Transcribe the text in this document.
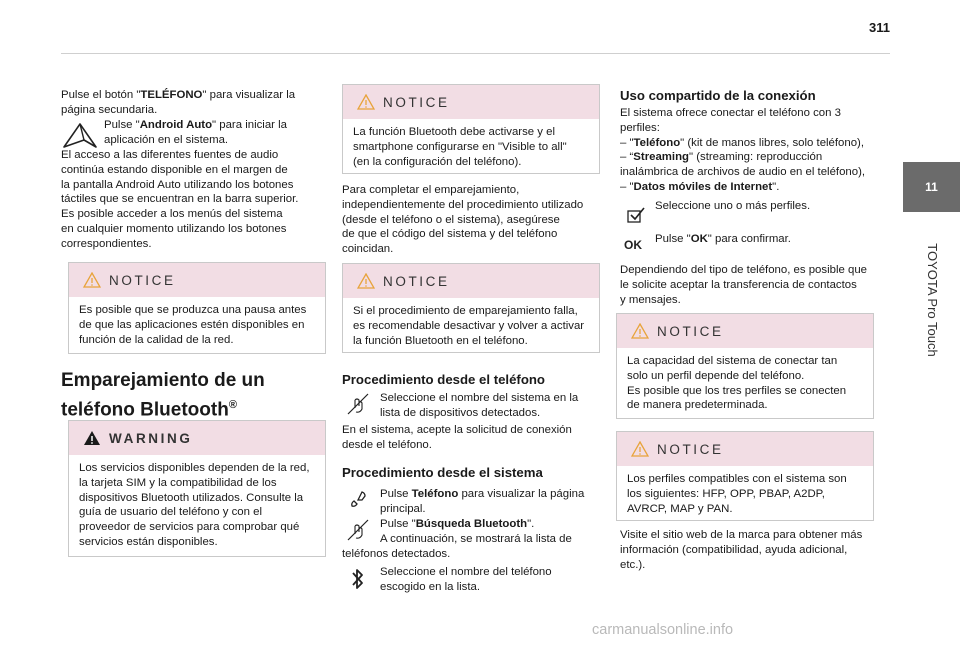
311
11
TOYOTA Pro Touch
Pulse el botón "TELÉFONO" para visualizar la
página secundaria.
Pulse "Android Auto" para iniciar la
aplicación en el sistema.
El acceso a las diferentes fuentes de audio
continúa estando disponible en el margen de
la pantalla Android Auto utilizando los botones
táctiles que se encuentran en la barra superior.
Es posible acceder a los menús del sistema
en cualquier momento utilizando los botones
correspondientes.
NOTICE
Es posible que se produzca una pausa antes
de que las aplicaciones estén disponibles en
función de la calidad de la red.
Emparejamiento de un
teléfono Bluetooth®
WARNING
Los servicios disponibles dependen de la red,
la tarjeta SIM y la compatibilidad de los
dispositivos Bluetooth utilizados. Consulte la
guía de usuario del teléfono y con el
proveedor de servicios para comprobar qué
servicios están disponibles.
NOTICE
La función Bluetooth debe activarse y el
smartphone configurarse en "Visible to all"
(en la configuración del teléfono).
Para completar el emparejamiento,
independientemente del procedimiento utilizado
(desde el teléfono o el sistema), asegúrese
de que el código del sistema y del teléfono
coincidan.
NOTICE
Si el procedimiento de emparejamiento falla,
es recomendable desactivar y volver a activar
la función Bluetooth en el teléfono.
Procedimiento desde el teléfono
Seleccione el nombre del sistema en la
lista de dispositivos detectados.
En el sistema, acepte la solicitud de conexión
desde el teléfono.
Procedimiento desde el sistema
Pulse Teléfono para visualizar la página
principal.
Pulse "Búsqueda Bluetooth".
A continuación, se mostrará la lista de
teléfonos detectados.
Seleccione el nombre del teléfono
escogido en la lista.
Uso compartido de la conexión
El sistema ofrece conectar el teléfono con 3
perfiles:
– "Teléfono" (kit de manos libres, solo teléfono),
– “Streaming" (streaming: reproducción
inalámbrica de archivos de audio en el teléfono),
– "Datos móviles de Internet".
Seleccione uno o más perfiles.
OK Pulse "OK" para confirmar.
Dependiendo del tipo de teléfono, es posible que
le solicite aceptar la transferencia de contactos
y mensajes.
NOTICE
La capacidad del sistema de conectar tan
solo un perfil depende del teléfono.
Es posible que los tres perfiles se conecten
de manera predeterminada.
NOTICE
Los perfiles compatibles con el sistema son
los siguientes: HFP, OPP, PBAP, A2DP,
AVRCP, MAP y PAN.
Visite el sitio web de la marca para obtener más
información (compatibilidad, ayuda adicional,
etc.).
carmanualsonline.info
